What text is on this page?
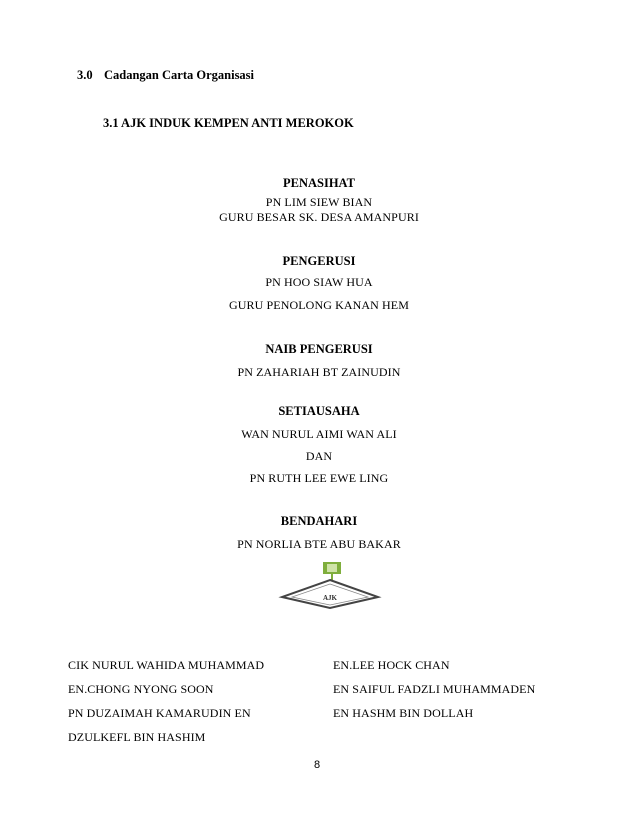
3.0 Cadangan Carta Organisasi
3.1 AJK INDUK KEMPEN ANTI MEROKOK
PENASIHAT
PN LIM SIEW BIAN
GURU BESAR SK. DESA AMANPURI
PENGERUSI
PN HOO SIAW HUA
GURU PENOLONG KANAN HEM
NAIB PENGERUSI
PN ZAHARIAH BT ZAINUDIN
SETIAUSAHA
WAN NURUL AIMI WAN ALI
DAN
PN RUTH LEE EWE LING
BENDAHARI
PN NORLIA BTE ABU BAKAR
AJK
CIK NURUL WAHIDA MUHAMMAD
EN.CHONG NYONG SOON
PN DUZAIMAH KAMARUDIN EN
DZULKEFL BIN HASHIM
EN.LEE HOCK CHAN
EN SAIFUL FADZLI MUHAMMADEN
EN HASHM BIN DOLLAH
8
